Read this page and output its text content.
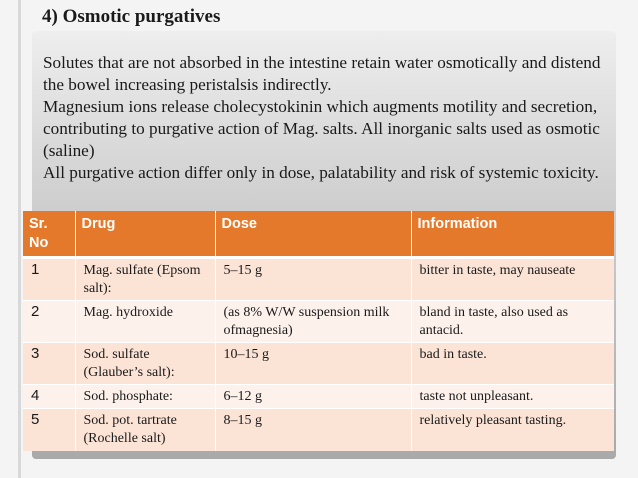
4) Osmotic purgatives

Solutes that are not absorbed in the intestine retain water osmotically and distend the bowel increasing peristalsis indirectly.

Magnesium ions release cholecystokinin which augments motility and secretion, contributing to purgative action of Mag. salts. All inorganic salts used as osmotic (saline)

All purgative action differ only in dose, palatability and risk of systemic toxicity.

Sr. No	Drug	Dose	Information
1	Mag. sulfate (Epsom salt):	5–15 g	bitter in taste, may nauseate
2	Mag. hydroxide	(as 8% W/W suspension milk ofmagnesia)	bland in taste, also used as antacid.
3	Sod. sulfate (Glauber’s salt):	10–15 g	bad in taste.
4	Sod. phosphate:	6–12 g	taste not unpleasant.
5	Sod. pot. tartrate (Rochelle salt)	8–15 g	relatively pleasant tasting.
